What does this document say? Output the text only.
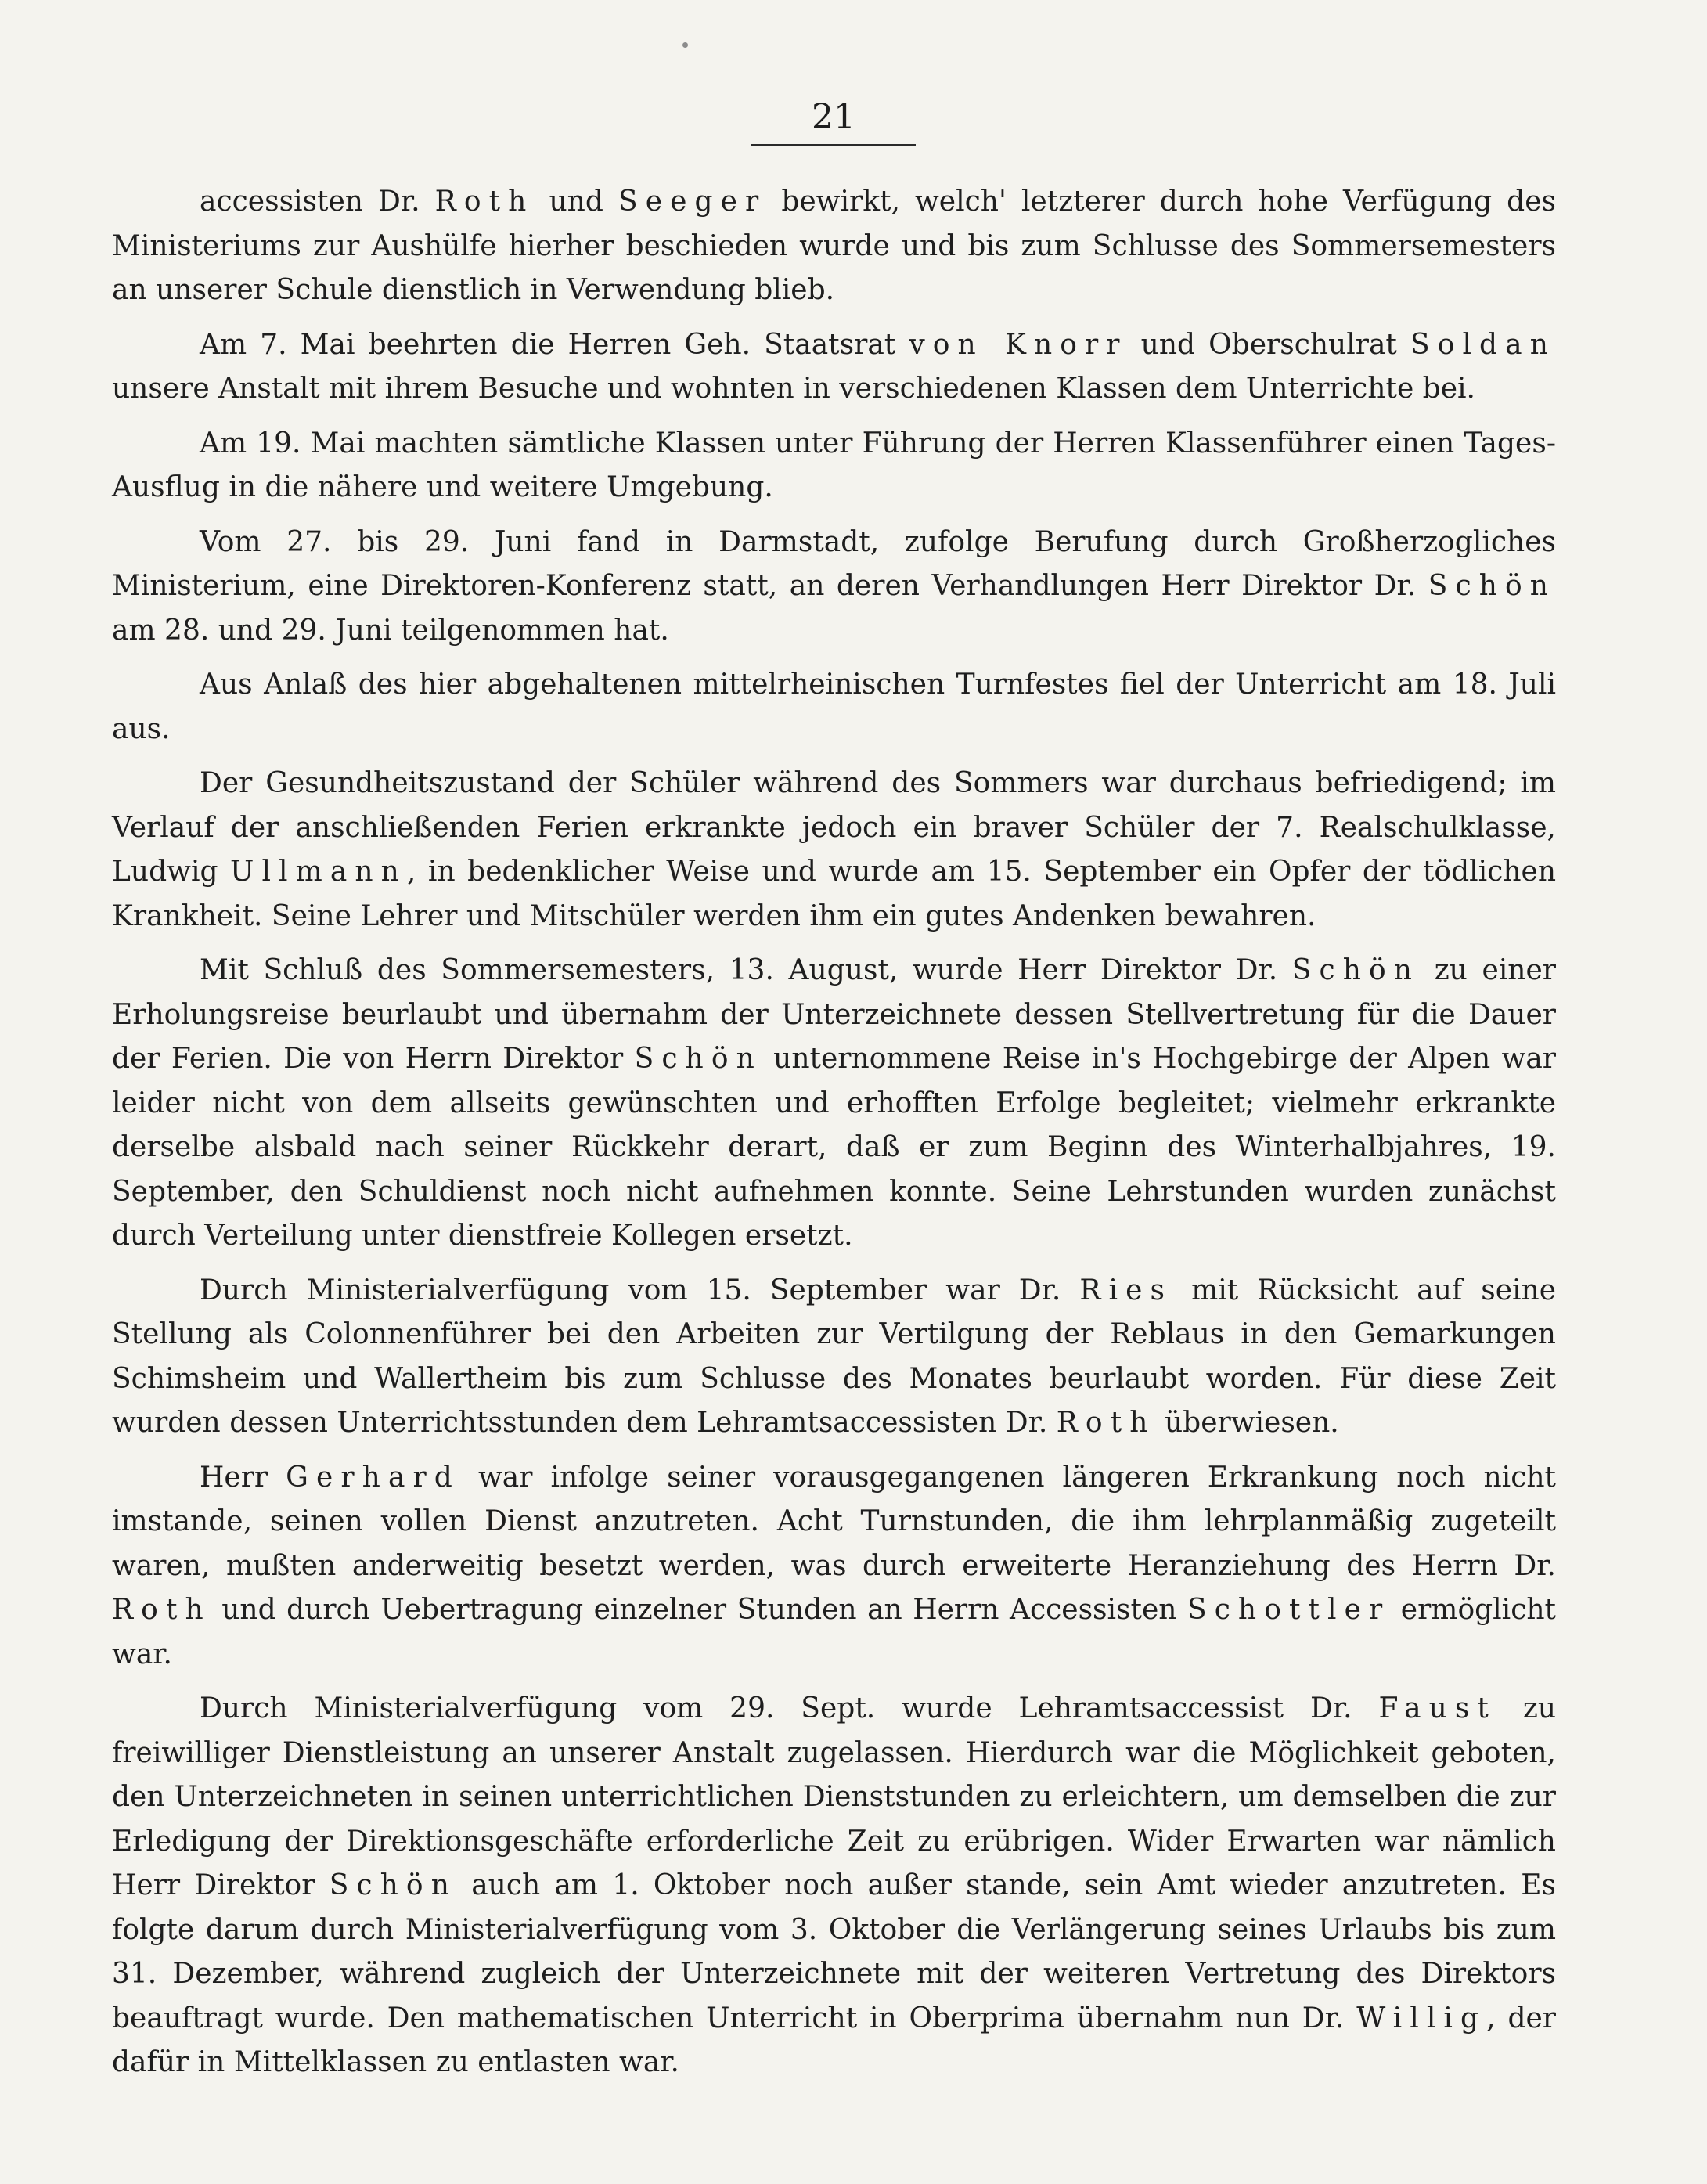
21

accessisten Dr. Roth und Seeger bewirkt, welch' letzterer durch hohe Verfügung des Ministeriums zur Aushülfe hierher beschieden wurde und bis zum Schlusse des Sommersemesters an unserer Schule dienstlich in Verwendung blieb.

Am 7. Mai beehrten die Herren Geh. Staatsrat von Knorr und Oberschulrat Soldan unsere Anstalt mit ihrem Besuche und wohnten in verschiedenen Klassen dem Unterrichte bei.

Am 19. Mai machten sämtliche Klassen unter Führung der Herren Klassenführer einen Tages-Ausflug in die nähere und weitere Umgebung.

Vom 27. bis 29. Juni fand in Darmstadt, zufolge Berufung durch Großherzogliches Ministerium, eine Direktoren-Konferenz statt, an deren Verhandlungen Herr Direktor Dr. Schön am 28. und 29. Juni teilgenommen hat.

Aus Anlaß des hier abgehaltenen mittelrheinischen Turnfestes fiel der Unterricht am 18. Juli aus.

Der Gesundheitszustand der Schüler während des Sommers war durchaus befriedigend; im Verlauf der anschließenden Ferien erkrankte jedoch ein braver Schüler der 7. Realschulklasse, Ludwig Ullmann, in bedenklicher Weise und wurde am 15. September ein Opfer der tödlichen Krankheit. Seine Lehrer und Mitschüler werden ihm ein gutes Andenken bewahren.

Mit Schluß des Sommersemesters, 13. August, wurde Herr Direktor Dr. Schön zu einer Erholungsreise beurlaubt und übernahm der Unterzeichnete dessen Stellvertretung für die Dauer der Ferien. Die von Herrn Direktor Schön unternommene Reise in's Hochgebirge der Alpen war leider nicht von dem allseits gewünschten und erhofften Erfolge begleitet; vielmehr erkrankte derselbe alsbald nach seiner Rückkehr derart, daß er zum Beginn des Winterhalbjahres, 19. September, den Schuldienst noch nicht aufnehmen konnte. Seine Lehrstunden wurden zunächst durch Verteilung unter dienstfreie Kollegen ersetzt.

Durch Ministerialverfügung vom 15. September war Dr. Ries mit Rücksicht auf seine Stellung als Colonnenführer bei den Arbeiten zur Vertilgung der Reblaus in den Gemarkungen Schimsheim und Wallertheim bis zum Schlusse des Monates beurlaubt worden. Für diese Zeit wurden dessen Unterrichtsstunden dem Lehramtsaccessisten Dr. Roth überwiesen.

Herr Gerhard war infolge seiner vorausgegangenen längeren Erkrankung noch nicht imstande, seinen vollen Dienst anzutreten. Acht Turnstunden, die ihm lehrplanmäßig zugeteilt waren, mußten anderweitig besetzt werden, was durch erweiterte Heranziehung des Herrn Dr. Roth und durch Uebertragung einzelner Stunden an Herrn Accessisten Schottler ermöglicht war.

Durch Ministerialverfügung vom 29. Sept. wurde Lehramtsaccessist Dr. Faust zu freiwilliger Dienstleistung an unserer Anstalt zugelassen. Hierdurch war die Möglichkeit geboten, den Unterzeichneten in seinen unterrichtlichen Dienststunden zu erleichtern, um demselben die zur Erledigung der Direktionsgeschäfte erforderliche Zeit zu erübrigen. Wider Erwarten war nämlich Herr Direktor Schön auch am 1. Oktober noch außer stande, sein Amt wieder anzutreten. Es folgte darum durch Ministerialverfügung vom 3. Oktober die Verlängerung seines Urlaubs bis zum 31. Dezember, während zugleich der Unterzeichnete mit der weiteren Vertretung des Direktors beauftragt wurde. Den mathematischen Unterricht in Oberprima übernahm nun Dr. Willig, der dafür in Mittelklassen zu entlasten war.
